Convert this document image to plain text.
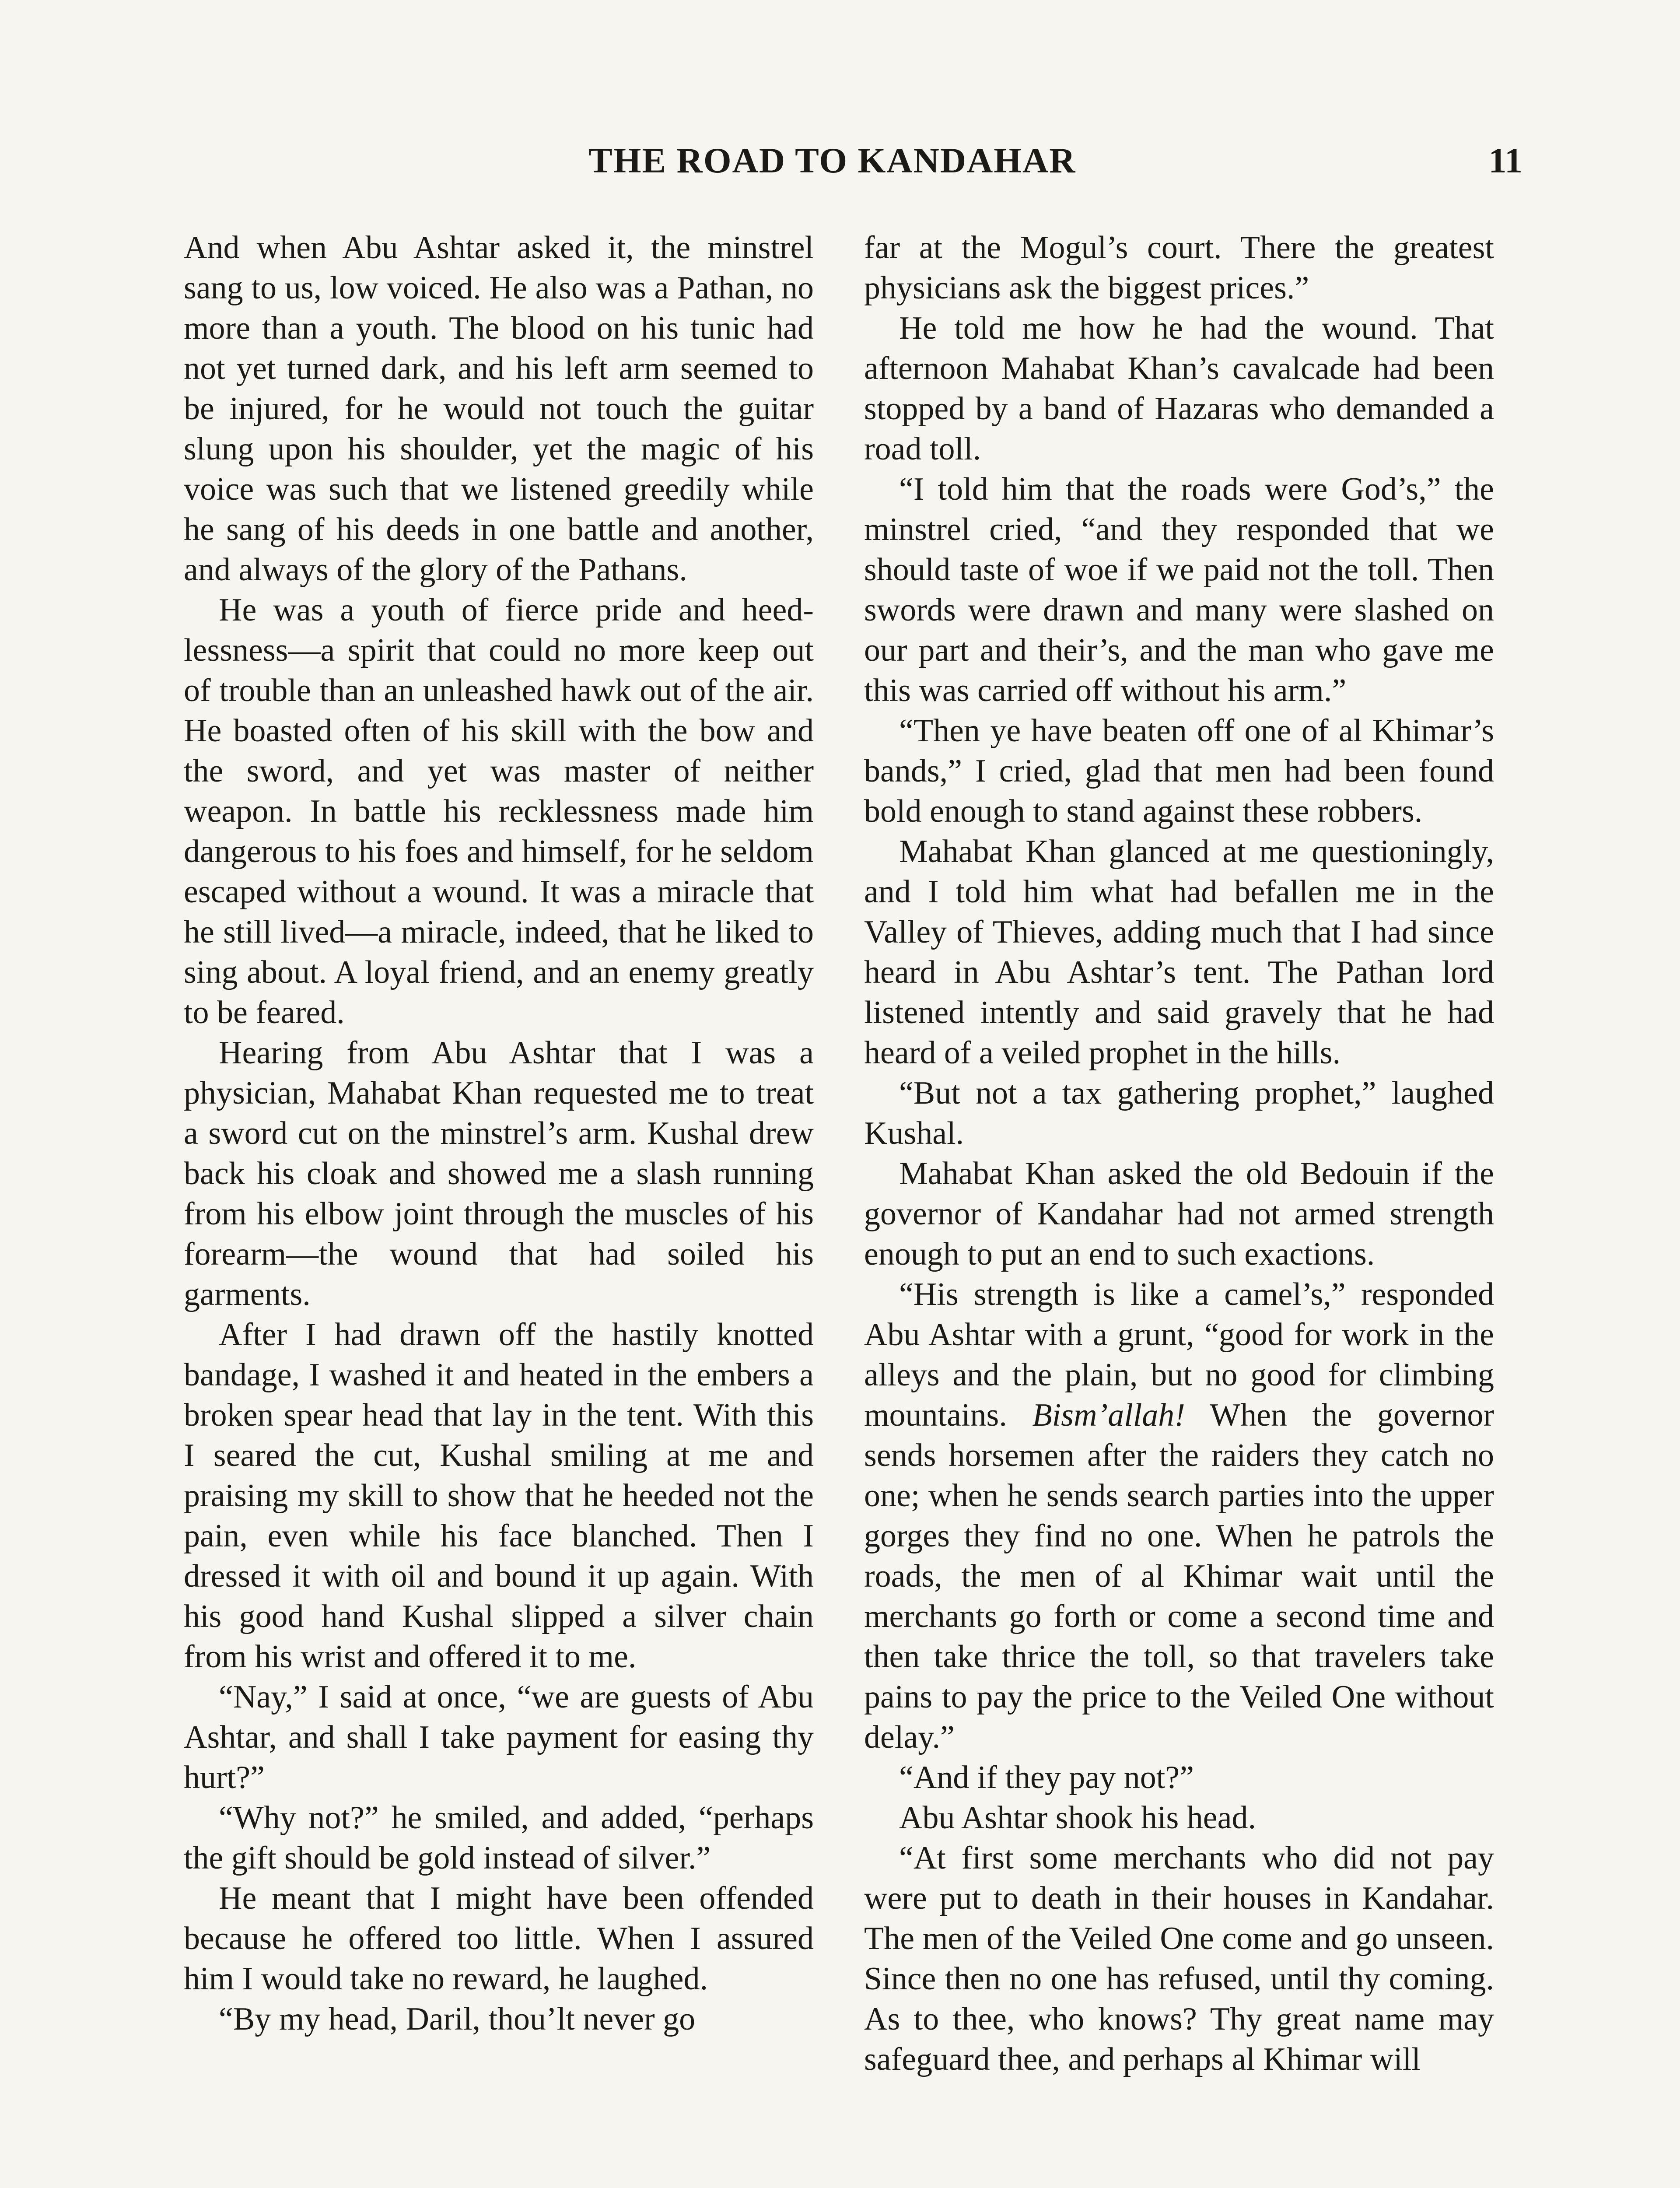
THE ROAD TO KANDAHAR	11

And when Abu Ashtar asked it, the minstrel sang to us, low voiced. He also was a Pathan, no more than a youth. The blood on his tunic had not yet turned dark, and his left arm seemed to be injured, for he would not touch the guitar slung upon his shoulder, yet the magic of his voice was such that we listened greedily while he sang of his deeds in one battle and another, and always of the glory of the Pathans.

He was a youth of fierce pride and heedlessness—a spirit that could no more keep out of trouble than an unleashed hawk out of the air. He boasted often of his skill with the bow and the sword, and yet was master of neither weapon. In battle his recklessness made him dangerous to his foes and himself, for he seldom escaped without a wound. It was a miracle that he still lived—a miracle, indeed, that he liked to sing about. A loyal friend, and an enemy greatly to be feared.

Hearing from Abu Ashtar that I was a physician, Mahabat Khan requested me to treat a sword cut on the minstrel’s arm. Kushal drew back his cloak and showed me a slash running from his elbow joint through the muscles of his forearm—the wound that had soiled his garments.

After I had drawn off the hastily knotted bandage, I washed it and heated in the embers a broken spear head that lay in the tent. With this I seared the cut, Kushal smiling at me and praising my skill to show that he heeded not the pain, even while his face blanched. Then I dressed it with oil and bound it up again. With his good hand Kushal slipped a silver chain from his wrist and offered it to me.

“Nay,” I said at once, “we are guests of Abu Ashtar, and shall I take payment for easing thy hurt?”

“Why not?” he smiled, and added, “perhaps the gift should be gold instead of silver.”

He meant that I might have been offended because he offered too little. When I assured him I would take no reward, he laughed.

“By my head, Daril, thou’lt never go

far at the Mogul’s court. There the greatest physicians ask the biggest prices.”

He told me how he had the wound. That afternoon Mahabat Khan’s cavalcade had been stopped by a band of Hazaras who demanded a road toll.

“I told him that the roads were God’s,” the minstrel cried, “and they responded that we should taste of woe if we paid not the toll. Then swords were drawn and many were slashed on our part and their’s, and the man who gave me this was carried off without his arm.”

“Then ye have beaten off one of al Khimar’s bands,” I cried, glad that men had been found bold enough to stand against these robbers.

Mahabat Khan glanced at me questioningly, and I told him what had befallen me in the Valley of Thieves, adding much that I had since heard in Abu Ashtar’s tent. The Pathan lord listened intently and said gravely that he had heard of a veiled prophet in the hills.

“But not a tax gathering prophet,” laughed Kushal.

Mahabat Khan asked the old Bedouin if the governor of Kandahar had not armed strength enough to put an end to such exactions.

“His strength is like a camel’s,” responded Abu Ashtar with a grunt, “good for work in the alleys and the plain, but no good for climbing mountains. Bism’allah! When the governor sends horsemen after the raiders they catch no one; when he sends search parties into the upper gorges they find no one. When he patrols the roads, the men of al Khimar wait until the merchants go forth or come a second time and then take thrice the toll, so that travelers take pains to pay the price to the Veiled One without delay.”

“And if they pay not?”

Abu Ashtar shook his head.

“At first some merchants who did not pay were put to death in their houses in Kandahar. The men of the Veiled One come and go unseen. Since then no one has refused, until thy coming. As to thee, who knows? Thy great name may safeguard thee, and perhaps al Khimar will
